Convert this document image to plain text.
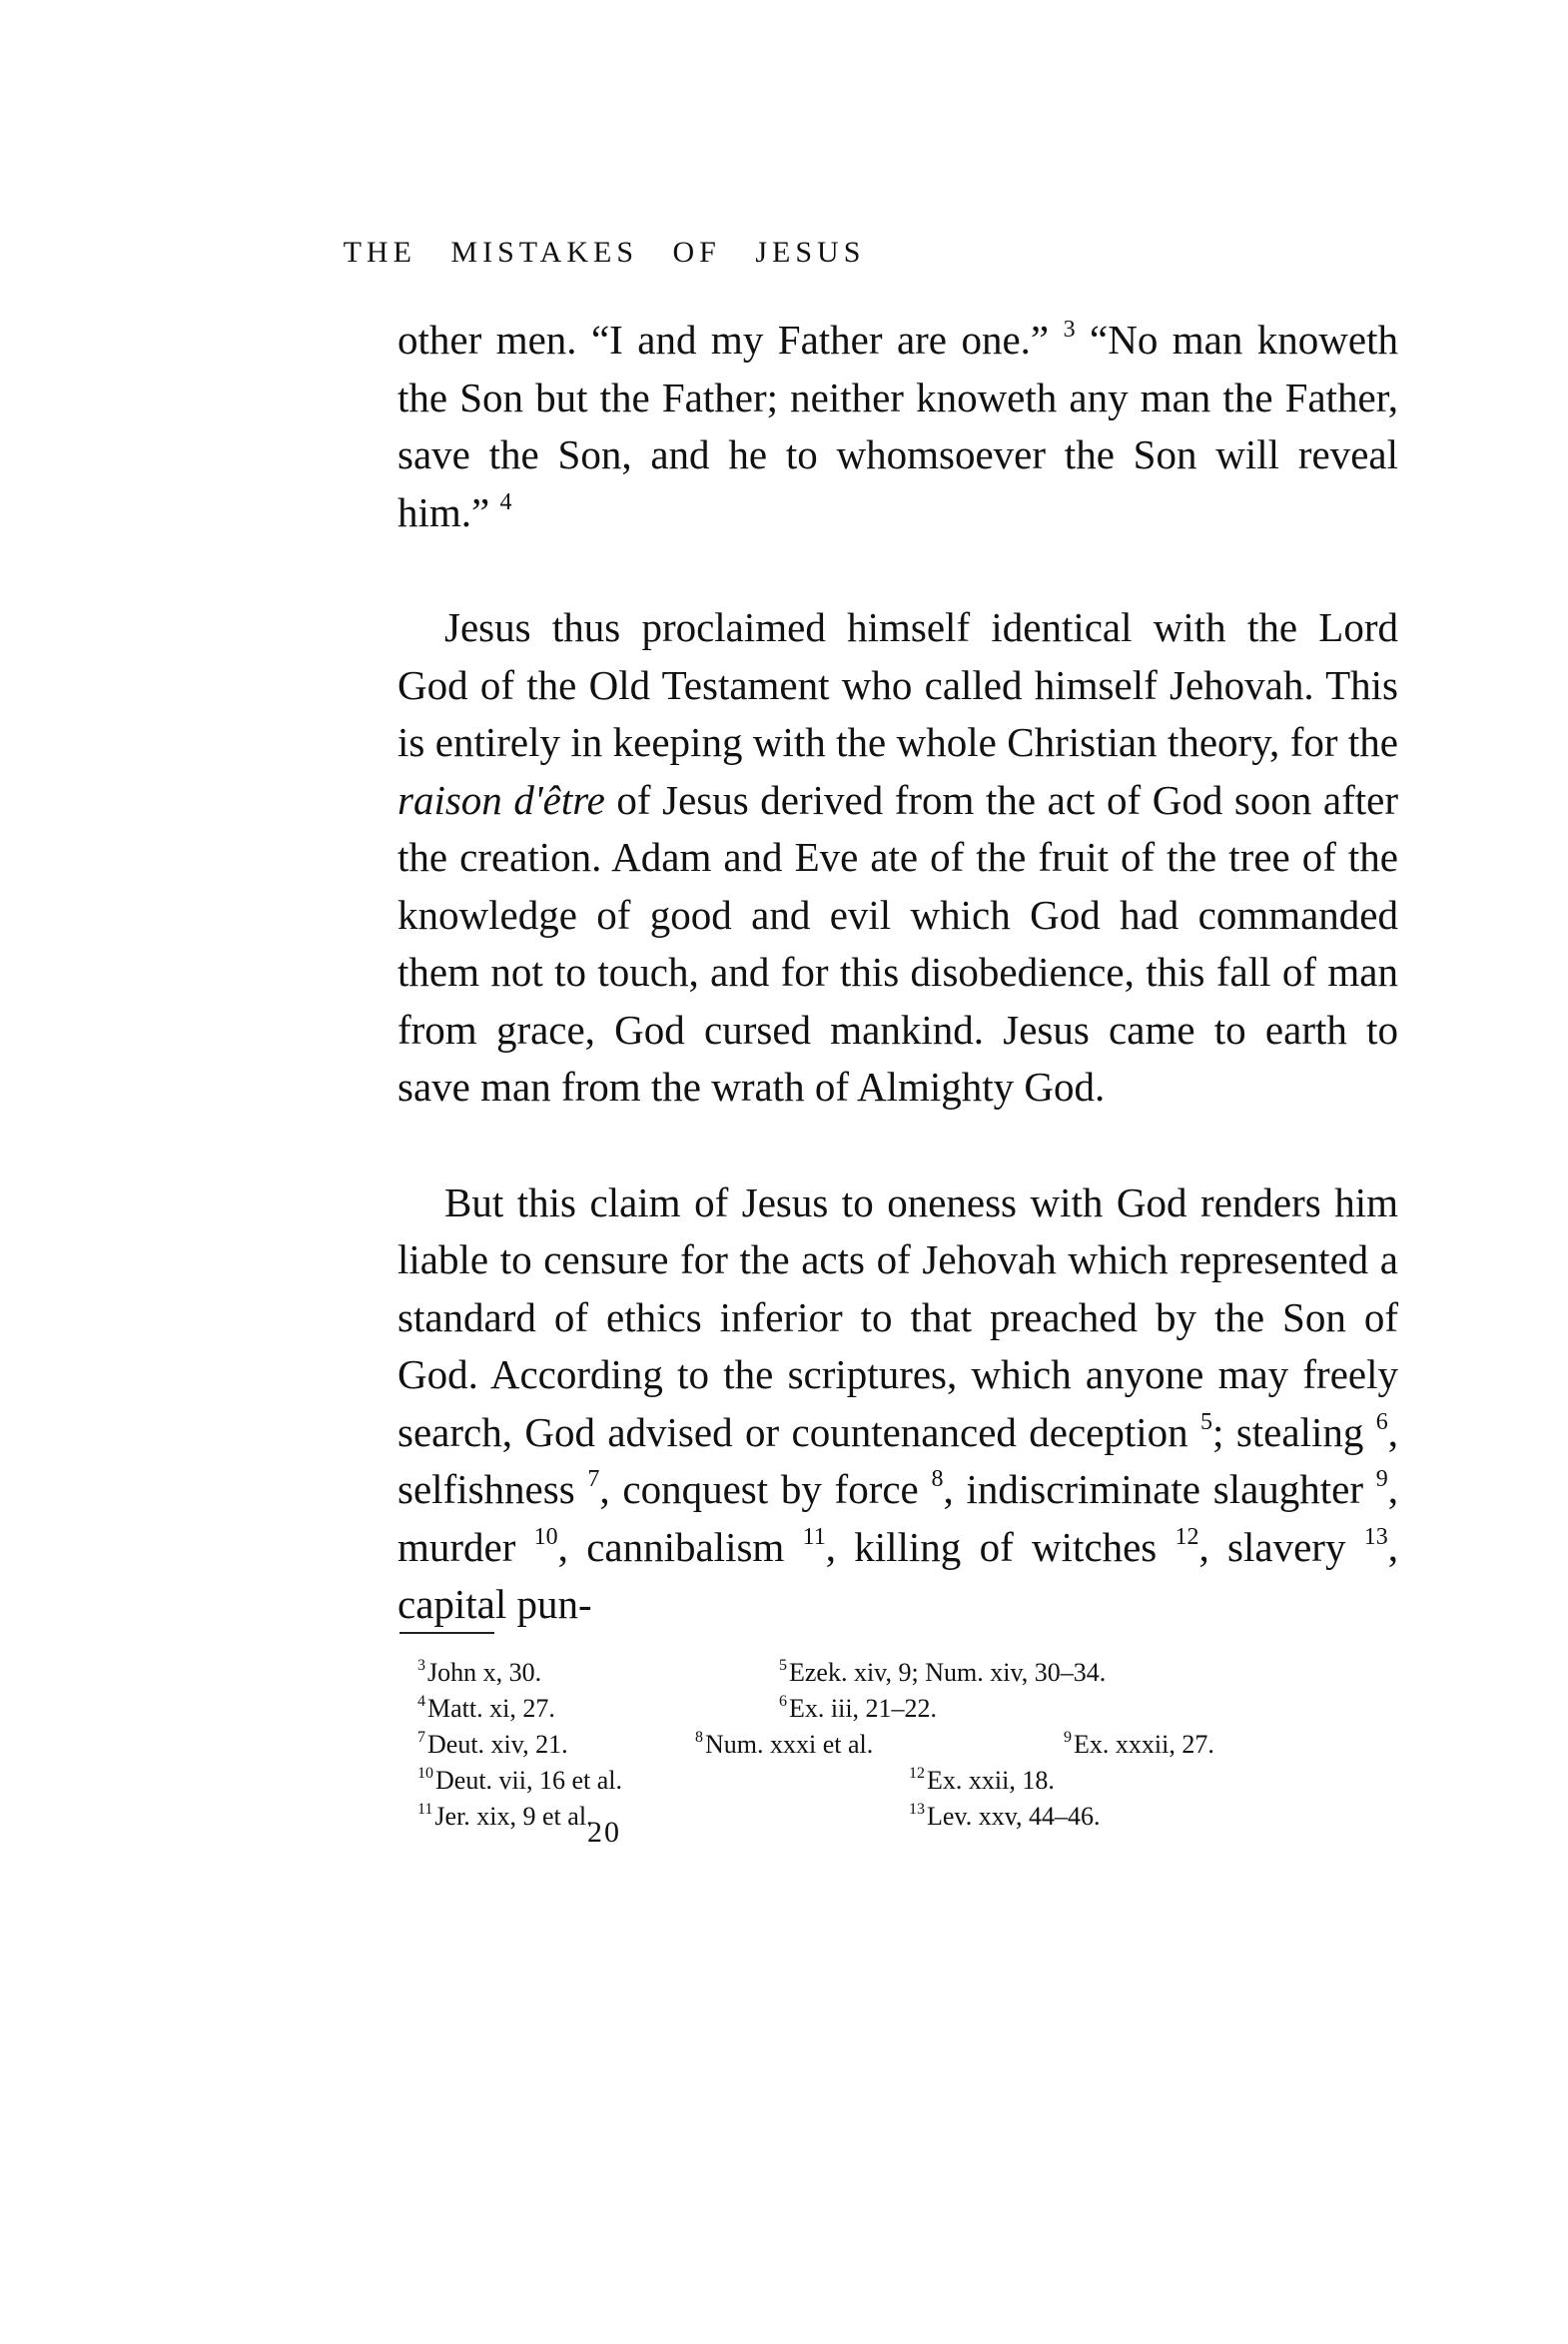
THE MISTAKES OF JESUS

other men. “I and my Father are one.” $^3$ “No man knoweth the Son but the Father; neither knoweth any man the Father, save the Son, and he to whomsoever the Son will reveal him.” $^4$

Jesus thus proclaimed himself identical with the Lord God of the Old Testament who called himself Jehovah. This is entirely in keeping with the whole Christian theory, for the raison d'être of Jesus derived from the act of God soon after the creation. Adam and Eve ate of the fruit of the tree of the knowledge of good and evil which God had commanded them not to touch, and for this disobedience, this fall of man from grace, God cursed mankind. Jesus came to earth to save man from the wrath of Almighty God.

But this claim of Jesus to oneness with God renders him liable to censure for the acts of Jehovah which represented a standard of ethics inferior to that preached by the Son of God. According to the scriptures, which anyone may freely search, God advised or countenanced deception $^5$; stealing $^6$, selfishness $^7$, conquest by force $^8$, indiscriminate slaughter $^9$, murder $^{10}$, cannibalism $^{11}$, killing of witches $^{12}$, slavery $^{13}$, capital pun-

$^3$John x, 30.	$^5$Ezek. xiv, 9; Num. xiv, 30–34.
$^4$Matt. xi, 27.	$^6$Ex. iii, 21–22.
$^7$Deut. xiv, 21.	$^8$Num. xxxi et al.	$^9$Ex. xxxii, 27.
$^{10}$Deut. vii, 16 et al.	$^{12}$Ex. xxii, 18.
$^{11}$Jer. xix, 9 et al.	$^{13}$Lev. xxv, 44–46.
20
